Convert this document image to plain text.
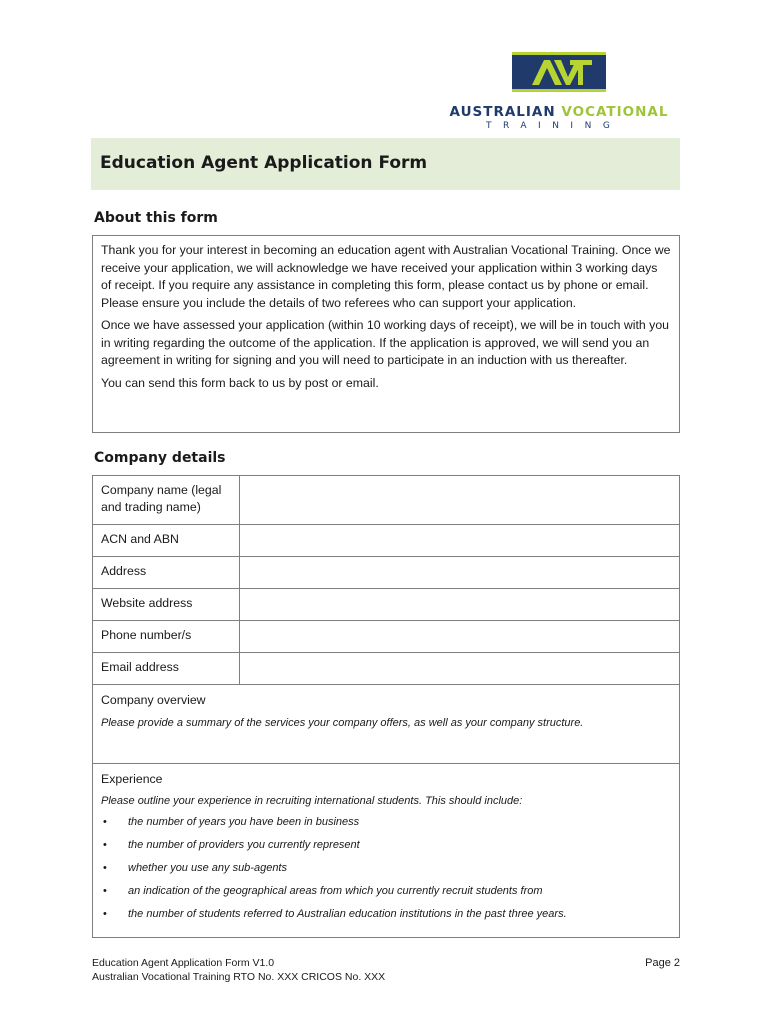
AUSTRALIAN VOCATIONAL
TRAINING
Education Agent Application Form
About this form

Thank you for your interest in becoming an education agent with Australian Vocational Training. Once we receive your application, we will acknowledge we have received your application within 3 working days of receipt. If you require any assistance in completing this form, please contact us by phone or email. Please ensure you include the details of two referees who can support your application.

Once we have assessed your application (within 10 working days of receipt), we will be in touch with you in writing regarding the outcome of the application. If the application is approved, we will send you an agreement in writing for signing and you will need to participate in an induction with us thereafter.

You can send this form back to us by post or email.

Company details
Company name (legal and trading name)
ACN and ABN
Address
Website address
Phone number/s
Email address
Company overview
Please provide a summary of the services your company offers, as well as your company structure.
Experience
Please outline your experience in recruiting international students. This should include:
• the number of years you have been in business
• the number of providers you currently represent
• whether you use any sub-agents
• an indication of the geographical areas from which you currently recruit students from
• the number of students referred to Australian education institutions in the past three years.
Education Agent Application Form V1.0
Australian Vocational Training RTO No. XXX CRICOS No. XXX
Page 2
